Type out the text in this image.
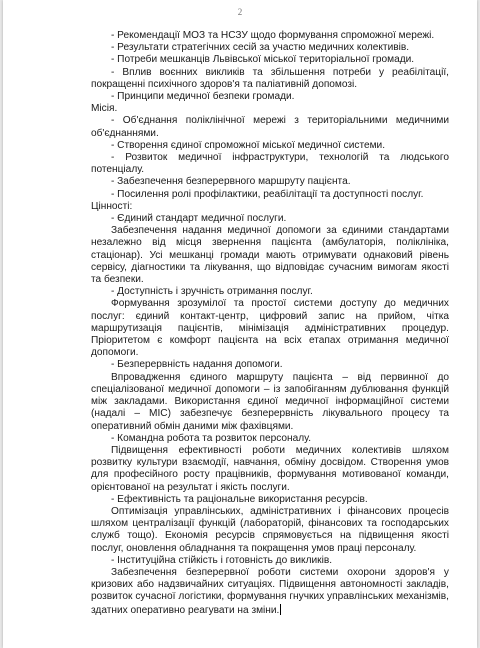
2

- Рекомендації МОЗ та НСЗУ щодо формування спроможної мережі.

- Результати стратегічних сесій за участю медичних колективів.

- Потреби мешканців Львівської міської територіальної громади.

- Вплив воєнних викликів та збільшення потреби у реабілітації, покращенні психічного здоров'я та паліативній допомозі.

- Принципи медичної безпеки громади.

Місія.

- Об'єднання поліклінічної мережі з територіальними медичними об'єднаннями.

- Створення єдиної спроможної міської медичної системи.

- Розвиток медичної інфраструктури, технологій та людського потенціалу.

- Забезпечення безперервного маршруту пацієнта.

- Посилення ролі профілактики, реабілітації та доступності послуг.

Цінності:

- Єдиний стандарт медичної послуги.

Забезпечення надання медичної допомоги за єдиними стандартами незалежно від місця звернення пацієнта (амбулаторія, поліклініка, стаціонар). Усі мешканці громади мають отримувати однаковий рівень сервісу, діагностики та лікування, що відповідає сучасним вимогам якості та безпеки.

- Доступність і зручність отримання послуг.

Формування зрозумілої та простої системи доступу до медичних послуг: єдиний контакт-центр, цифровий запис на прийом, чітка маршрутизація пацієнтів, мінімізація адміністративних процедур. Пріоритетом є комфорт пацієнта на всіх етапах отримання медичної допомоги.

- Безперервність надання допомоги.

Впровадження єдиного маршруту пацієнта – від первинної до спеціалізованої медичної допомоги – із запобіганням дублювання функцій між закладами. Використання єдиної медичної інформаційної системи (надалі – МІС) забезпечує безперервність лікувального процесу та оперативний обмін даними між фахівцями.

- Командна робота та розвиток персоналу.

Підвищення ефективності роботи медичних колективів шляхом розвитку культури взаємодії, навчання, обміну досвідом. Створення умов для професійного росту працівників, формування мотивованої команди, орієнтованої на результат і якість послуги.

- Ефективність та раціональне використання ресурсів.

Оптимізація управлінських, адміністративних і фінансових процесів шляхом централізації функцій (лабораторій, фінансових та господарських служб тощо). Економія ресурсів спрямовується на підвищення якості послуг, оновлення обладнання та покращення умов праці персоналу.

- Інституційна стійкість і готовність до викликів.

Забезпечення безперервної роботи системи охорони здоров'я у кризових або надзвичайних ситуаціях. Підвищення автономності закладів, розвиток сучасної логістики, формування гнучких управлінських механізмів, здатних оперативно реагувати на зміни.
